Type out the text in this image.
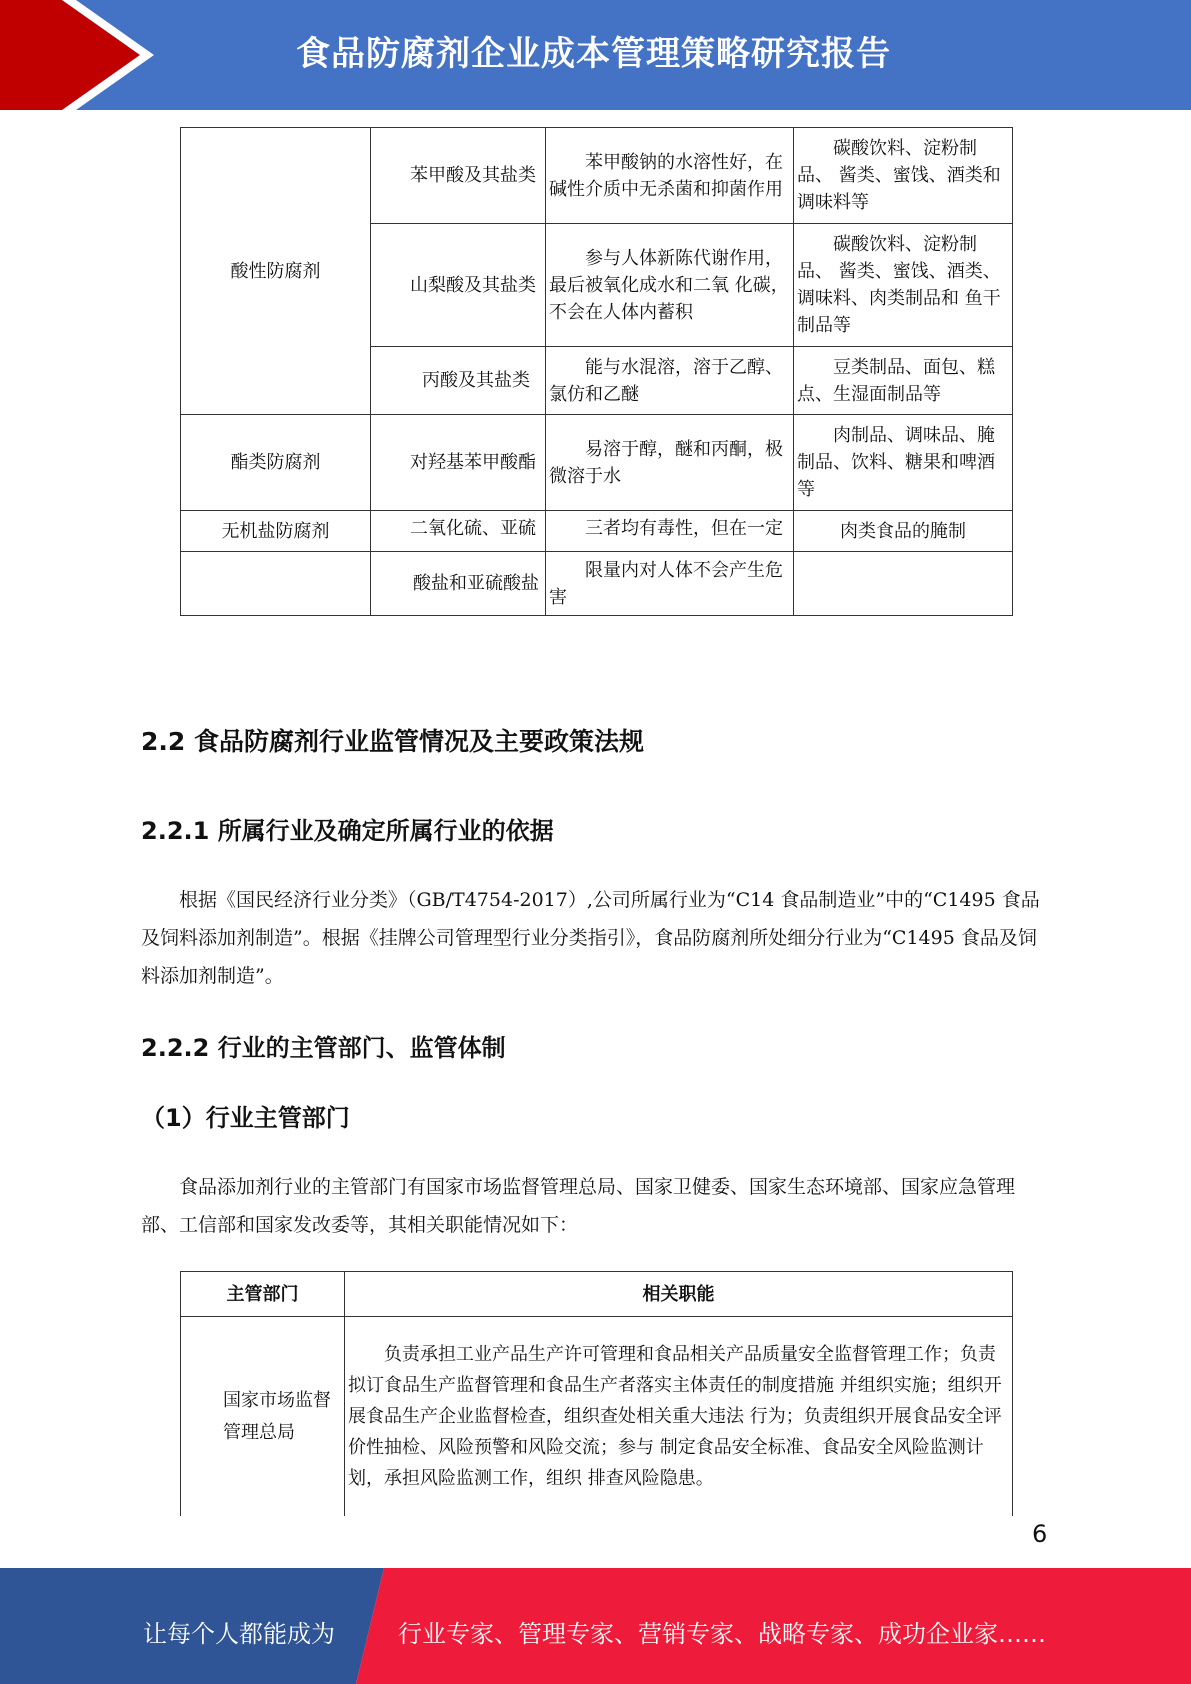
食品防腐剂企业成本管理策略研究报告
酸性防腐剂	苯甲酸及其盐类	苯甲酸钠的水溶性好，在 碱性介质中无杀菌和抑菌作用	碳酸饮料、淀粉制品、 酱类、蜜饯、酒类和 调味料等

	山梨酸及其盐类	参与人体新陈代谢作用， 最后被氧化成水和二氧 化碳，不会在人体内蓄积	碳酸饮料、淀粉制品、 酱类、蜜饯、酒类、 调味料、肉类制品和 鱼干制品等

	丙酸及其盐类	能与水混溶，溶于乙醇、氯仿和乙醚	豆类制品、面包、糕 点、生湿面制品等

酯类防腐剂	对羟基苯甲酸酯	易溶于醇，醚和丙酮，极 微溶于水	肉制品、调味品、腌 制品、饮料、糖果和啤酒等

无机盐防腐剂	二氧化硫、亚硫	三者均有毒性，但在一定	肉类食品的腌制

	酸盐和亚硫酸盐	限量内对人体不会产生危害	

2.2 食品防腐剂行业监管情况及主要政策法规
2.2.1 所属行业及确定所属行业的依据

根据《国民经济行业分类》（GB/T4754-2017）,公司所属行业为“C14 食品制造业”中的“C1495 食品及饲料添加剂制造”。根据《挂牌公司管理型行业分类指引》，食品防腐剂所处细分行业为“C1495 食品及饲料添加剂制造”。

2.2.2 行业的主管部门、监管体制
（1）行业主管部门

食品添加剂行业的主管部门有国家市场监督管理总局、国家卫健委、国家生态环境部、国家应急管理部、工信部和国家发改委等，其相关职能情况如下：

主管部门	相关职能

国家市场监督管理总局	负责承担工业产品生产许可管理和食品相关产品质量安全监督管理工作；负责拟订食品生产监督管理和食品生产者落实主体责任的制度措施 并组织实施；组织开展食品生产企业监督检查，组织查处相关重大违法 行为；负责组织开展食品安全评价性抽检、风险预警和风险交流；参与 制定食品安全标准、食品安全风险监测计划，承担风险监测工作，组织 排查风险隐患。
6
让每个人都能成为	行业专家、管理专家、营销专家、战略专家、成功企业家……
